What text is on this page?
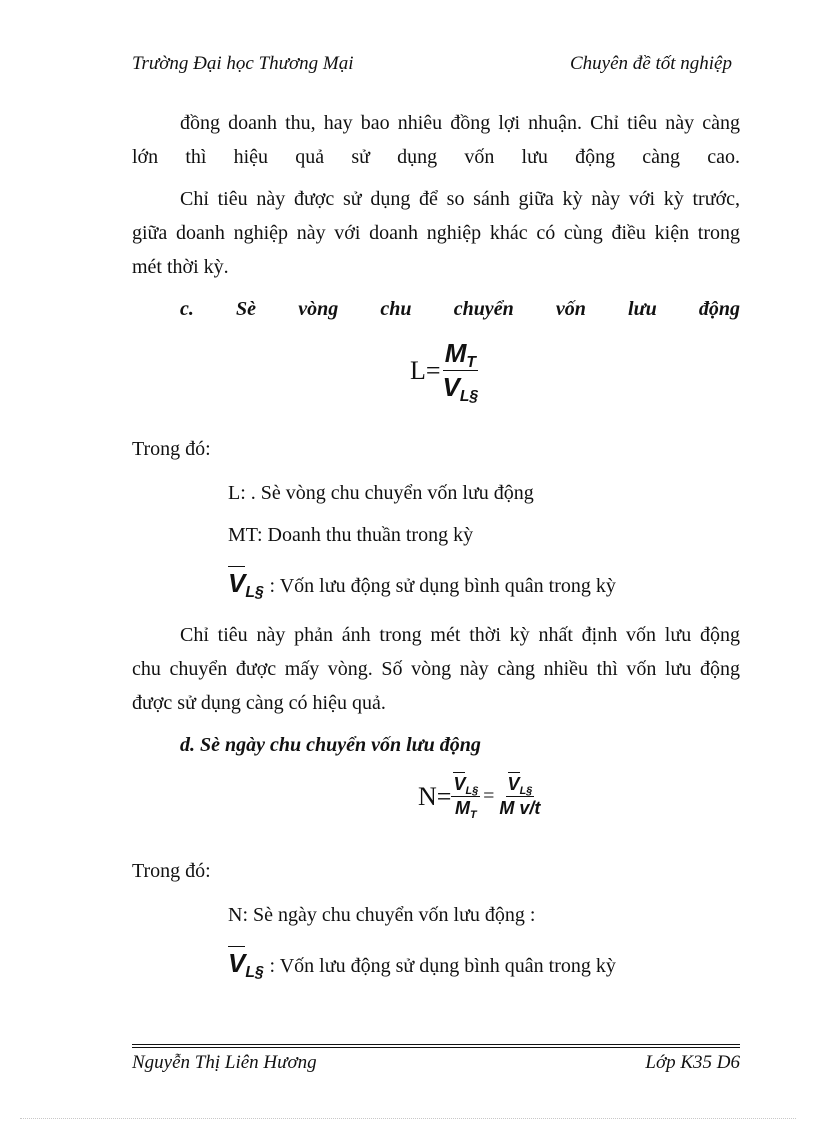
Trường Đại học Thương Mại	Chuyên đề tốt nghiệp
đồng doanh thu, hay bao nhiêu đồng lợi nhuận. Chỉ tiêu này càng
lớn thì hiệu quả sử dụng vốn lưu động càng cao.
Chỉ tiêu này được sử dụng để so sánh giữa kỳ này với kỳ trước,
giữa doanh nghiệp này với doanh nghiệp khác có cùng điều kiện trong
mét thời kỳ.
c. Sè vòng chu chuyển vốn lưu động
$L= \frac{M_T}{V_{L\S}}$
Trong đó:
L: . Sè vòng chu chuyển vốn lưu động
MT: Doanh thu thuần trong kỳ
$V_{L\S}$ : Vốn lưu động sử dụng bình quân trong kỳ
Chỉ tiêu này phản ánh trong mét thời kỳ nhất định vốn lưu động
chu chuyển được mấy vòng. Số vòng này càng nhiều thì vốn lưu động
được sử dụng càng có hiệu quả.
d. Sè ngày chu chuyển vốn lưu động
$N= \frac{V_{L\S}}{M_T} = \frac{V_{L\S}}{\text{M v/t}}$
Trong đó:
N: Sè ngày chu chuyển vốn lưu động :
$V_{L\S}$ : Vốn lưu động sử dụng bình quân trong kỳ
Nguyễn Thị Liên Hương	Lớp K35 D6
